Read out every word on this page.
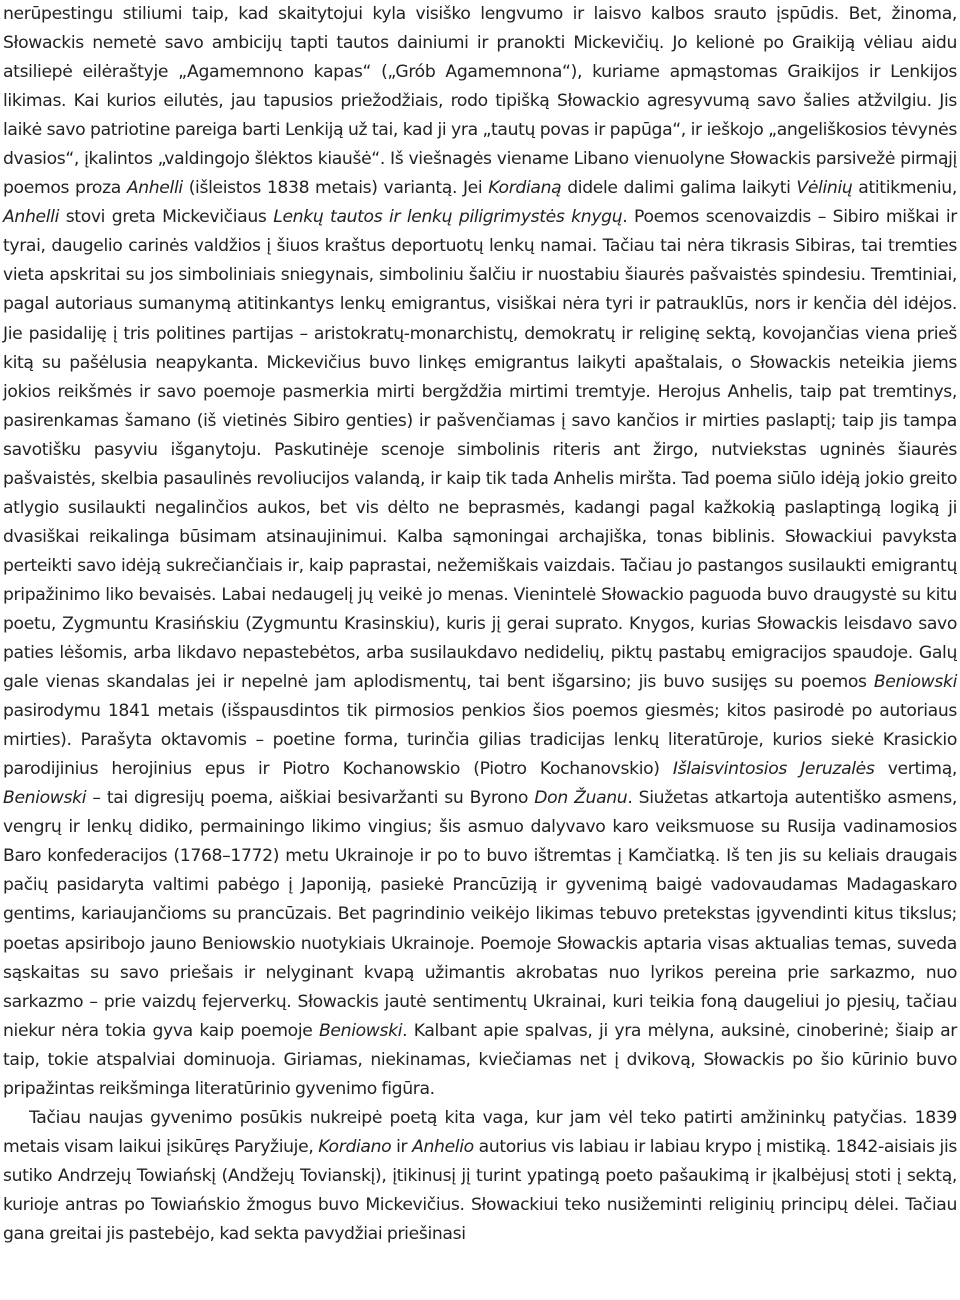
nerūpestingu stiliumi taip, kad skaitytojui kyla visiško lengvumo ir laisvo kalbos srauto įspūdis. Bet, žinoma, Słowackis nemetė savo ambicijų tapti tautos dainiumi ir pranokti Mickevičių. Jo kelionė po Graikiją vėliau aidu atsiliepė eilėraštyje „Agamemnono kapas“ („Grób Agamemnona“), kuriame apmąstomas Graikijos ir Lenkijos likimas. Kai kurios eilutės, jau tapusios priežodžiais, rodo tipišką Słowackio agresyvumą savo šalies atžvilgiu. Jis laikė savo patriotine pareiga barti Lenkiją už tai, kad ji yra „tautų povas ir papūga“, ir ieškojo „angeliškosios tėvynės dvasios“, įkalintos „valdingojo šlėktos kiaušė“. Iš viešnagės viename Libano vienuolyne Słowackis parsivežė pirmąjį poemos proza Anhelli (išleistos 1838 metais) variantą. Jei Kordianą didele dalimi galima laikyti Vėlinių atitikmeniu, Anhelli stovi greta Mickevičiaus Lenkų tautos ir lenkų piligrimystės knygų. Poemos scenovaizdis – Sibiro miškai ir tyrai, daugelio carinės valdžios į šiuos kraštus deportuotų lenkų namai. Tačiau tai nėra tikrasis Sibiras, tai tremties vieta apskritai su jos simboliniais sniegynais, simboliniu šalčiu ir nuostabiu šiaurės pašvaistės spindesiu. Tremtiniai, pagal autoriaus sumanymą atitinkantys lenkų emigrantus, visiškai nėra tyri ir patrauklūs, nors ir kenčia dėl idėjos. Jie pasidaliję į tris politines partijas – aristokratų-monarchistų, demokratų ir religinę sektą, kovojančias viena prieš kitą su pašėlusia neapykanta. Mickevičius buvo linkęs emigrantus laikyti apaštalais, o Słowackis neteikia jiems jokios reikšmės ir savo poemoje pasmerkia mirti bergždžia mirtimi tremtyje. Herojus Anhelis, taip pat tremtinys, pasirenkamas šamano (iš vietinės Sibiro genties) ir pašvenčiamas į savo kančios ir mirties paslaptį; taip jis tampa savotišku pasyviu išganytoju. Paskutinėje scenoje simbolinis riteris ant žirgo, nutviekstas ugninės šiaurės pašvaistės, skelbia pasaulinės revoliucijos valandą, ir kaip tik tada Anhelis miršta. Tad poema siūlo idėją jokio greito atlygio susilaukti negalinčios aukos, bet vis dėlto ne beprasmės, kadangi pagal kažkokią paslaptingą logiką ji dvasiškai reikalinga būsimam atsinaujinimui. Kalba sąmoningai archajiška, tonas biblinis. Słowackiui pavyksta perteikti savo idėją sukrečiančiais ir, kaip paprastai, nežemiškais vaizdais. Tačiau jo pastangos susilaukti emigrantų pripažinimo liko bevaisės. Labai nedaugelį jų veikė jo menas. Vienintelė Słowackio paguoda buvo draugystė su kitu poetu, Zygmuntu Krasińskiu (Zygmuntu Krasinskiu), kuris jį gerai suprato. Knygos, kurias Słowackis leisdavo savo paties lėšomis, arba likdavo nepastebėtos, arba susilaukdavo nedidelių, piktų pastabų emigracijos spaudoje. Galų gale vienas skandalas jei ir nepelnė jam aplodismentų, tai bent išgarsino; jis buvo susijęs su poemos Beniowski pasirodymu 1841 metais (išspausdintos tik pirmosios penkios šios poemos giesmės; kitos pasirodė po autoriaus mirties). Parašyta oktavomis – poetine forma, turinčia gilias tradicijas lenkų literatūroje, kurios siekė Krasickio parodijinius herojinius epus ir Piotro Kochanowskio (Piotro Kochanovskio) Išlaisvintosios Jeruzalės vertimą, Beniowski – tai digresijų poema, aiškiai besivaržanti su Byrono Don Žuanu. Siužetas atkartoja autentiško asmens, vengrų ir lenkų didiko, permainingo likimo vingius; šis asmuo dalyvavo karo veiksmuose su Rusija vadinamosios Baro konfederacijos (1768–1772) metu Ukrainoje ir po to buvo ištremtas į Kamčiatką. Iš ten jis su keliais draugais pačių pasidaryta valtimi pabėgo į Japoniją, pasiekė Prancūziją ir gyvenimą baigė vadovaudamas Madagaskaro gentims, kariaujančioms su prancūzais. Bet pagrindinio veikėjo likimas tebuvo pretekstas įgyvendinti kitus tikslus; poetas apsiribojo jauno Beniowskio nuotykiais Ukrainoje. Poemoje Słowackis aptaria visas aktualias temas, suveda sąskaitas su savo priešais ir nelyginant kvapą užimantis akrobatas nuo lyrikos pereina prie sarkazmo, nuo sarkazmo – prie vaizdų fejerverkų. Słowackis jautė sentimentų Ukrainai, kuri teikia foną daugeliui jo pjesių, tačiau niekur nėra tokia gyva kaip poemoje Beniowski. Kalbant apie spalvas, ji yra mėlyna, auksinė, cinoberinė; šiaip ar taip, tokie atspalviai dominuoja. Giriamas, niekinamas, kviečiamas net į dvikovą, Słowackis po šio kūrinio buvo pripažintas reikšminga literatūrinio gyvenimo figūra.

Tačiau naujas gyvenimo posūkis nukreipė poetą kita vaga, kur jam vėl teko patirti amžininkų patyčias. 1839 metais visam laikui įsikūręs Paryžiuje, Kordiano ir Anhelio autorius vis labiau ir labiau krypo į mistiką. 1842-aisiais jis sutiko Andrzejų Towiańskį (Andžejų Tovianskį), įtikinusį jį turint ypatingą poeto pašaukimą ir įkalbėjusį stoti į sektą, kurioje antras po Towiańskio žmogus buvo Mickevičius. Słowackiui teko nusižeminti religinių principų dėlei. Tačiau gana greitai jis pastebėjo, kad sekta pavydžiai priešinasi
